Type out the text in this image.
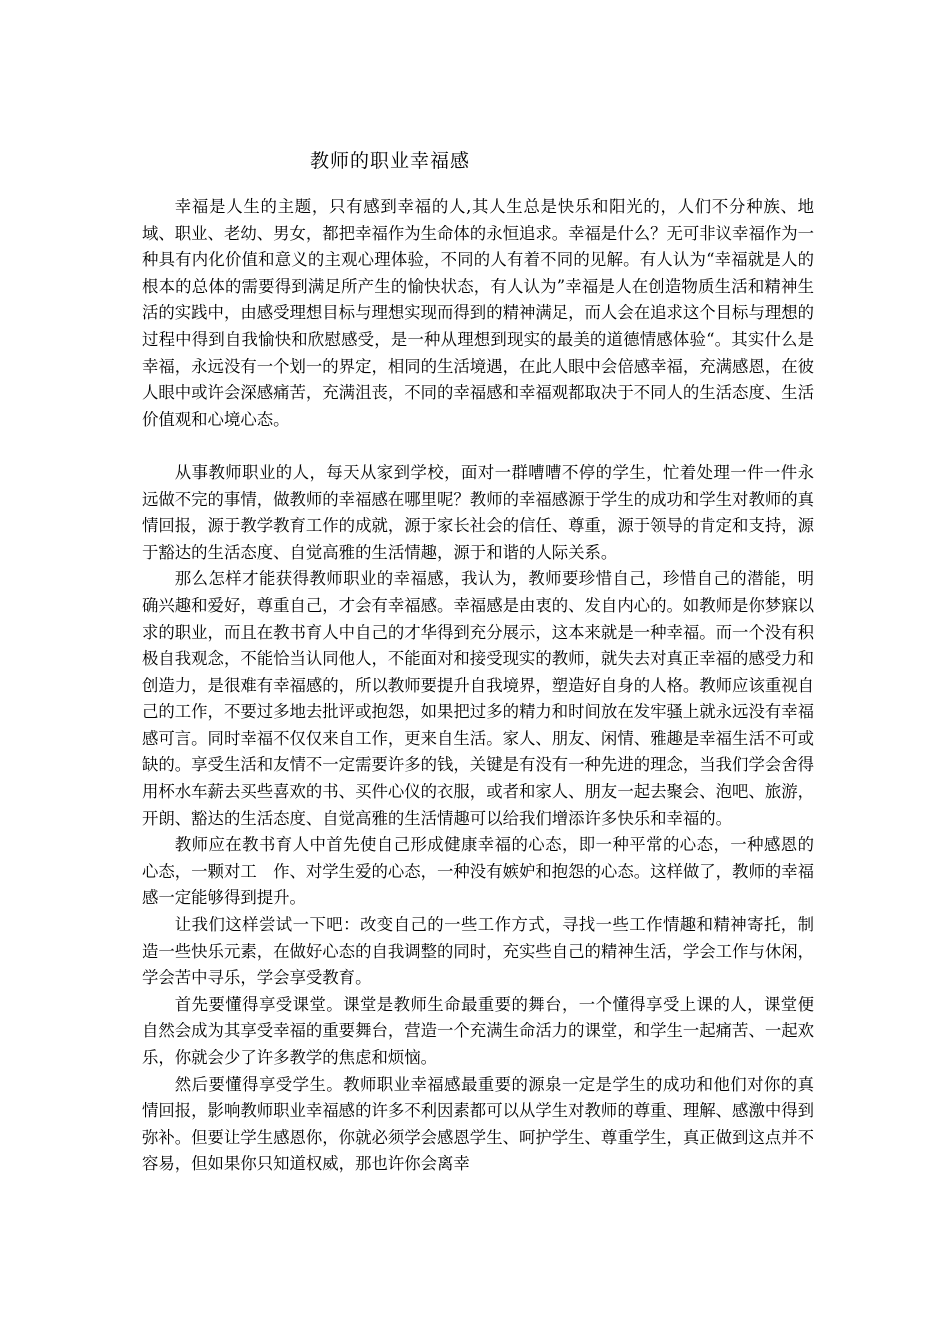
教师的职业幸福感

幸福是人生的主题，只有感到幸福的人,其人生总是快乐和阳光的，人们不分种族、地域、职业、老幼、男女，都把幸福作为生命体的永恒追求。幸福是什么？无可非议幸福作为一种具有内化价值和意义的主观心理体验，不同的人有着不同的见解。有人认为“幸福就是人的根本的总体的需要得到满足所产生的愉快状态，有人认为”幸福是人在创造物质生活和精神生活的实践中，由感受理想目标与理想实现而得到的精神满足，而人会在追求这个目标与理想的过程中得到自我愉快和欣慰感受，是一种从理想到现实的最美的道德情感体验“。其实什么是幸福，永远没有一个划一的界定，相同的生活境遇，在此人眼中会倍感幸福，充满感恩，在彼人眼中或许会深感痛苦，充满沮丧，不同的幸福感和幸福观都取决于不同人的生活态度、生活价值观和心境心态。

从事教师职业的人，每天从家到学校，面对一群嘈嘈不停的学生，忙着处理一件一件永远做不完的事情，做教师的幸福感在哪里呢？教师的幸福感源于学生的成功和学生对教师的真情回报，源于教学教育工作的成就，源于家长社会的信任、尊重，源于领导的肯定和支持，源于豁达的生活态度、自觉高雅的生活情趣，源于和谐的人际关系。

那么怎样才能获得教师职业的幸福感，我认为，教师要珍惜自己，珍惜自己的潜能，明确兴趣和爱好，尊重自己，才会有幸福感。幸福感是由衷的、发自内心的。如教师是你梦寐以求的职业，而且在教书育人中自己的才华得到充分展示，这本来就是一种幸福。而一个没有积极自我观念，不能恰当认同他人，不能面对和接受现实的教师，就失去对真正幸福的感受力和创造力，是很难有幸福感的，所以教师要提升自我境界，塑造好自身的人格。教师应该重视自己的工作，不要过多地去批评或抱怨，如果把过多的精力和时间放在发牢骚上就永远没有幸福感可言。同时幸福不仅仅来自工作，更来自生活。家人、朋友、闲情、雅趣是幸福生活不可或缺的。享受生活和友情不一定需要许多的钱，关键是有没有一种先进的理念，当我们学会舍得用杯水车薪去买些喜欢的书、买件心仪的衣服，或者和家人、朋友一起去聚会、泡吧、旅游，开朗、豁达的生活态度、自觉高雅的生活情趣可以给我们增添许多快乐和幸福的。

教师应在教书育人中首先使自己形成健康幸福的心态，即一种平常的心态，一种感恩的心态，一颗对工　作、对学生爱的心态，一种没有嫉妒和抱怨的心态。这样做了，教师的幸福感一定能够得到提升。

让我们这样尝试一下吧：改变自己的一些工作方式，寻找一些工作情趣和精神寄托，制造一些快乐元素，在做好心态的自我调整的同时，充实些自己的精神生活，学会工作与休闲，学会苦中寻乐，学会享受教育。

首先要懂得享受课堂。课堂是教师生命最重要的舞台，一个懂得享受上课的人，课堂便自然会成为其享受幸福的重要舞台，营造一个充满生命活力的课堂，和学生一起痛苦、一起欢乐，你就会少了许多教学的焦虑和烦恼。

然后要懂得享受学生。教师职业幸福感最重要的源泉一定是学生的成功和他们对你的真情回报，影响教师职业幸福感的许多不利因素都可以从学生对教师的尊重、理解、感激中得到弥补。但要让学生感恩你，你就必须学会感恩学生、呵护学生、尊重学生，真正做到这点并不容易，但如果你只知道权威，那也许你会离幸
